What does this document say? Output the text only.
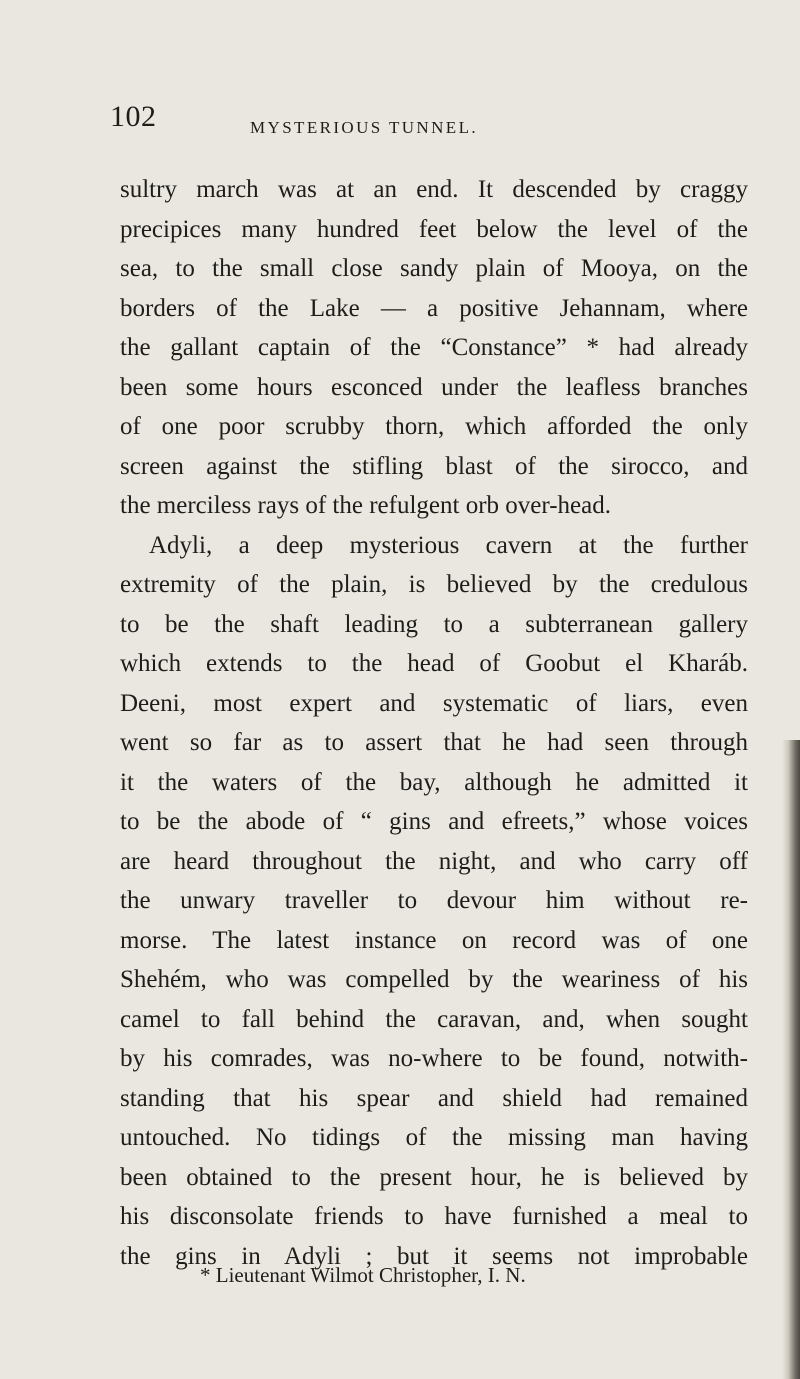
102	MYSTERIOUS TUNNEL.
sultry march was at an end. It descended by craggy
precipices many hundred feet below the level of the
sea, to the small close sandy plain of Mooya, on the
borders of the Lake — a positive Jehannam, where
the gallant captain of the “Constance” * had already
been some hours esconced under the leafless branches
of one poor scrubby thorn, which afforded the only
screen against the stifling blast of the sirocco, and
the merciless rays of the refulgent orb over-head.
Adyli, a deep mysterious cavern at the further
extremity of the plain, is believed by the credulous
to be the shaft leading to a subterranean gallery
which extends to the head of Goobut el Kharáb.
Deeni, most expert and systematic of liars, even
went so far as to assert that he had seen through
it the waters of the bay, although he admitted it
to be the abode of “ gins and efreets,” whose voices
are heard throughout the night, and who carry off
the unwary traveller to devour him without re-
morse. The latest instance on record was of one
Shehém, who was compelled by the weariness of his
camel to fall behind the caravan, and, when sought
by his comrades, was no-where to be found, notwith-
standing that his spear and shield had remained
untouched. No tidings of the missing man having
been obtained to the present hour, he is believed by
his disconsolate friends to have furnished a meal to
the gins in Adyli ; but it seems not improbable
* Lieutenant Wilmot Christopher, I. N.
